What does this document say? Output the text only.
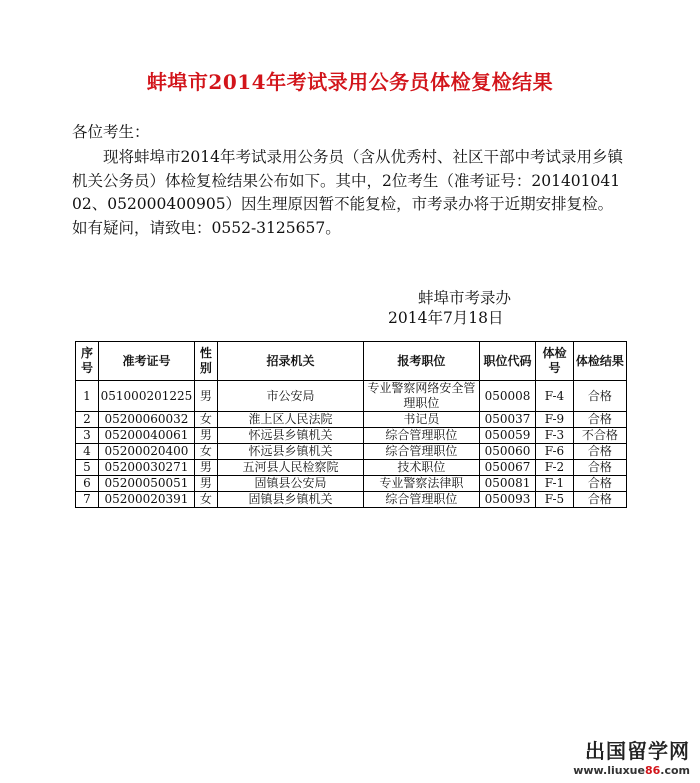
蚌埠市2014年考试录用公务员体检复检结果
各位考生：
现将蚌埠市2014年考试录用公务员（含从优秀村、社区干部中考试录用乡镇机关公务员）体检复检结果公布如下。其中，2位考生（准考证号：20140104102、052000400905）因生理原因暂不能复检，市考录办将于近期安排复检。如有疑问，请致电：0552-3125657。
蚌埠市考录办
2014年7月18日
序号	准考证号	性别	招录机关	报考职位	职位代码	体检号	体检结果
1	051000201225	男	市公安局	专业警察网络安全管理职位	050008	F-4	合格
2	05200060032	女	淮上区人民法院	书记员	050037	F-9	合格
3	05200040061	男	怀远县乡镇机关	综合管理职位	050059	F-3	不合格
4	05200020400	女	怀远县乡镇机关	综合管理职位	050060	F-6	合格
5	05200030271	男	五河县人民检察院	技术职位	050067	F-2	合格
6	05200050051	男	固镇县公安局	专业警察法律职	050081	F-1	合格
7	05200020391	女	固镇县乡镇机关	综合管理职位	050093	F-5	合格
出国留学网
www.liuxue86.com
